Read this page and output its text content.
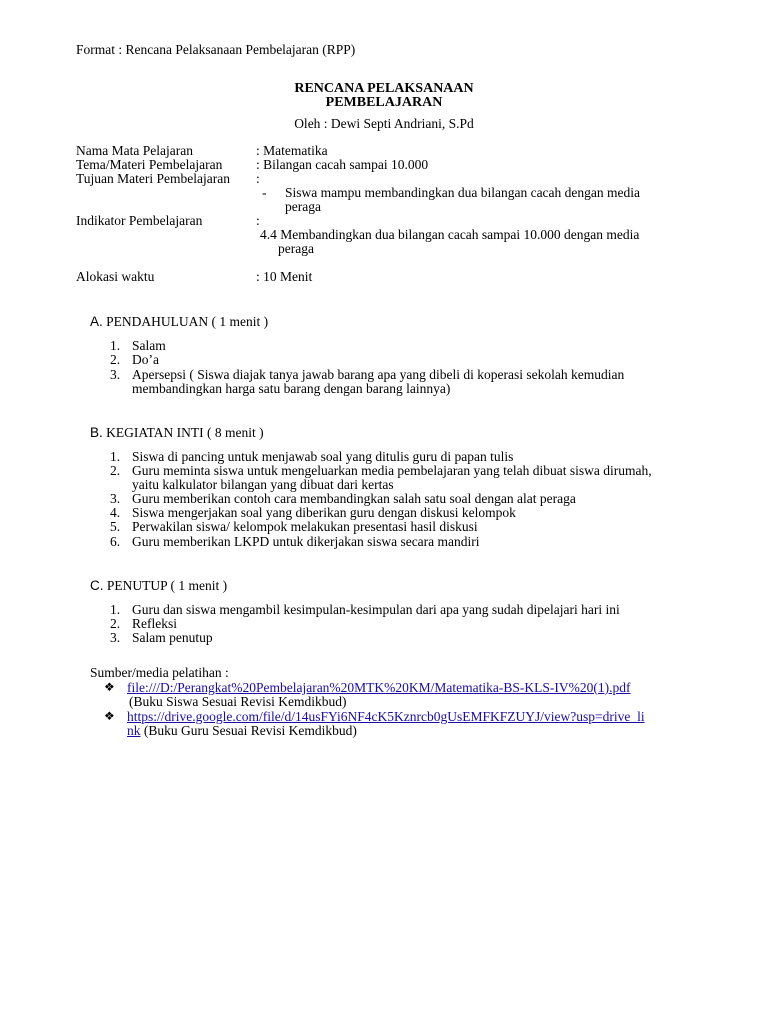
Format : Rencana Pelaksanaan Pembelajaran (RPP)
RENCANA PELAKSANAAN
PEMBELAJARAN
Oleh : Dewi Septi Andriani, S.Pd
Nama Mata Pelajaran	: Matematika
Tema/Materi Pembelajaran : Bilangan cacah sampai 10.000
Tujuan Materi Pembelajaran :
- Siswa mampu membandingkan dua bilangan cacah dengan media
peraga
Indikator Pembelajaran	:
4.4 Membandingkan dua bilangan cacah sampai 10.000 dengan media
peraga
Alokasi waktu	: 10 Menit
A. PENDAHULUAN ( 1 menit )
1. Salam
2. Do’a
3. Apersepsi ( Siswa diajak tanya jawab barang apa yang dibeli di koperasi sekolah kemudian
membandingkan harga satu barang dengan barang lainnya)
B. KEGIATAN INTI ( 8 menit )
1. Siswa di pancing untuk menjawab soal yang ditulis guru di papan tulis
2. Guru meminta siswa untuk mengeluarkan media pembelajaran yang telah dibuat siswa dirumah,
yaitu kalkulator bilangan yang dibuat dari kertas
3. Guru memberikan contoh cara membandingkan salah satu soal dengan alat peraga
4. Siswa mengerjakan soal yang diberikan guru dengan diskusi kelompok
5. Perwakilan siswa/ kelompok melakukan presentasi hasil diskusi
6. Guru memberikan LKPD untuk dikerjakan siswa secara mandiri
C. PENUTUP ( 1 menit )
1. Guru dan siswa mengambil kesimpulan-kesimpulan dari apa yang sudah dipelajari hari ini
2. Refleksi
3. Salam penutup
Sumber/media pelatihan :
❖ file:///D:/Perangkat%20Pembelajaran%20MTK%20KM/Matematika-BS-KLS-IV%20(1).pdf
(Buku Siswa Sesuai Revisi Kemdikbud)
❖ https://drive.google.com/file/d/14usFYi6NF4cK5Kznrcb0gUsEMFKFZUYJ/view?usp=drive_li
nk (Buku Guru Sesuai Revisi Kemdikbud)
